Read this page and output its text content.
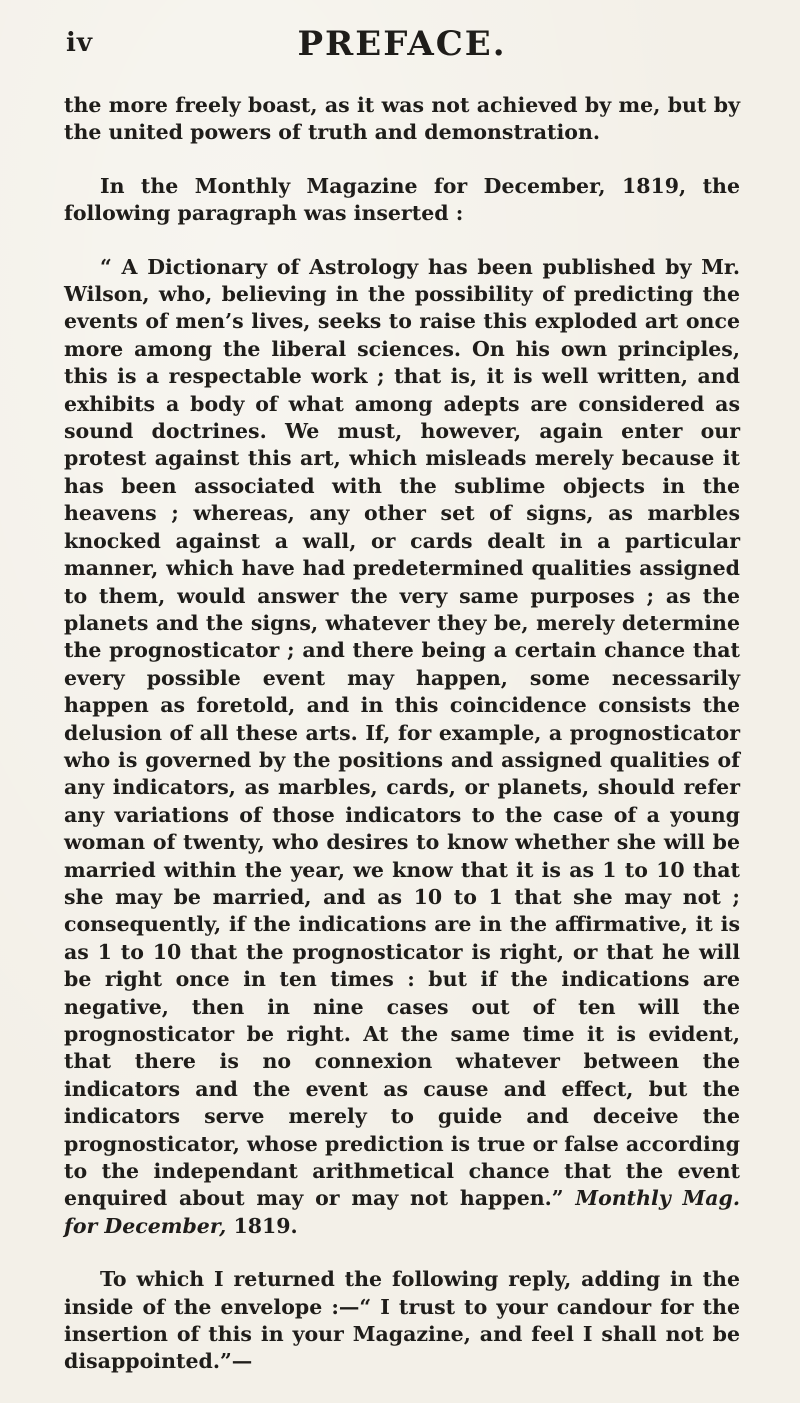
iv	PREFACE.

the more freely boast, as it was not achieved by me, but by the united powers of truth and demonstration.

In the Monthly Magazine for December, 1819, the following paragraph was inserted :

“ A Dictionary of Astrology has been published by Mr. Wilson, who, believing in the possibility of predicting the events of men’s lives, seeks to raise this exploded art once more among the liberal sciences. On his own principles, this is a respectable work ; that is, it is well written, and exhibits a body of what among adepts are considered as sound doctrines. We must, however, again enter our protest against this art, which misleads merely because it has been associated with the sublime objects in the heavens ; whereas, any other set of signs, as marbles knocked against a wall, or cards dealt in a particular manner, which have had predetermined qualities assigned to them, would answer the very same purposes ; as the planets and the signs, whatever they be, merely determine the prognosticator ; and there being a certain chance that every possible event may happen, some necessarily happen as foretold, and in this coincidence consists the delusion of all these arts. If, for example, a prognosticator who is governed by the positions and assigned qualities of any indicators, as marbles, cards, or planets, should refer any variations of those indicators to the case of a young woman of twenty, who desires to know whether she will be married within the year, we know that it is as 1 to 10 that she may be married, and as 10 to 1 that she may not ; consequently, if the indications are in the affirmative, it is as 1 to 10 that the prognosticator is right, or that he will be right once in ten times : but if the indications are negative, then in nine cases out of ten will the prognosticator be right. At the same time it is evident, that there is no connexion whatever between the indicators and the event as cause and effect, but the indicators serve merely to guide and deceive the prognosticator, whose prediction is true or false according to the independant arithmetical chance that the event enquired about may or may not happen.” Monthly Mag. for December, 1819.

To which I returned the following reply, adding in the inside of the envelope :—“ I trust to your candour for the insertion of this in your Magazine, and feel I shall not be disappointed.”—
